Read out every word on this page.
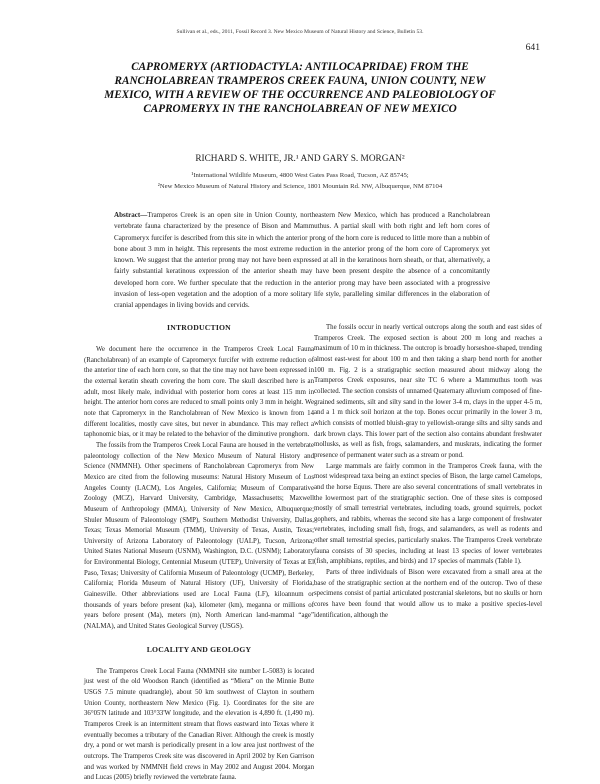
Sullivan et al., eds., 2011, Fossil Record 3. New Mexico Museum of Natural History and Science, Bulletin 53.
641
CAPROMERYX (ARTIODACTYLA: ANTILOCAPRIDAE) FROM THE RANCHOLABREAN TRAMPEROS CREEK FAUNA, UNION COUNTY, NEW MEXICO, WITH A REVIEW OF THE OCCURRENCE AND PALEOBIOLOGY OF CAPROMERYX IN THE RANCHOLABREAN OF NEW MEXICO
RICHARD S. WHITE, JR.¹ AND GARY S. MORGAN²
¹International Wildlife Museum, 4800 West Gates Pass Road, Tucson, AZ 85745;
²New Mexico Museum of Natural History and Science, 1801 Mountain Rd. NW, Albuquerque, NM 87104
Abstract—Tramperos Creek is an open site in Union County, northeastern New Mexico, which has produced a Rancholabrean vertebrate fauna characterized by the presence of Bison and Mammuthus. A partial skull with both right and left horn cores of Capromeryx furcifer is described from this site in which the anterior prong of the horn core is reduced to little more than a nubbin of bone about 3 mm in height. This represents the most extreme reduction in the anterior prong of the horn core of Capromeryx yet known. We suggest that the anterior prong may not have been expressed at all in the keratinous horn sheath, or that, alternatively, a fairly substantial keratinous expression of the anterior sheath may have been present despite the absence of a concomitantly developed horn core. We further speculate that the reduction in the anterior prong may have been associated with a progressive invasion of less-open vegetation and the adoption of a more solitary life style, paralleling similar differences in the elaboration of cranial appendages in living bovids and cervids.
INTRODUCTION

We document here the occurrence in the Tramperos Creek Local Fauna (Rancholabrean) of an example of Capromeryx furcifer with extreme reduction of the anterior tine of each horn core, so that the tine may not have been expressed in the external keratin sheath covering the horn core. The skull described here is an adult, most likely male, individual with posterior horn cores at least 115 mm in height. The anterior horn cores are reduced to small points only 3 mm in height. We note that Capromeryx in the Rancholabrean of New Mexico is known from 14 different localities, mostly cave sites, but never in abundance. This may reflect a taphonomic bias, or it may be related to the behavior of the diminutive pronghorn.

The fossils from the Tramperos Creek Local Fauna are housed in the vertebrate paleontology collection of the New Mexico Museum of Natural History and Science (NMMNH). Other specimens of Rancholabrean Capromeryx from New Mexico are cited from the following museums: Natural History Museum of Los Angeles County (LACM), Los Angeles, California; Museum of Comparative Zoology (MCZ), Harvard University, Cambridge, Massachusetts; Maxwell Museum of Anthropology (MMA), University of New Mexico, Albuquerque; Shuler Museum of Paleontology (SMP), Southern Methodist University, Dallas, Texas; Texas Memorial Museum (TMM), University of Texas, Austin, Texas; University of Arizona Laboratory of Paleontology (UALP), Tucson, Arizona; United States National Museum (USNM), Washington, D.C. (USNM); Laboratory for Environmental Biology, Centennial Museum (UTEP), University of Texas at El Paso, Texas; University of California Museum of Paleontology (UCMP), Berkeley, California; Florida Museum of Natural History (UF), University of Florida, Gainesville. Other abbreviations used are Local Fauna (LF), kiloannum or thousands of years before present (ka), kilometer (km), meganna or millions of years before present (Ma), meters (m), North American land-mammal “age” (NALMA), and United States Geological Survey (USGS).

LOCALITY AND GEOLOGY

The Tramperos Creek Local Fauna (NMMNH site number L-5083) is located just west of the old Woodson Ranch (identified as “Miera” on the Minnie Butte USGS 7.5 minute quadrangle), about 50 km southwest of Clayton in southern Union County, northeastern New Mexico (Fig. 1). Coordinates for the site are 36°05'N latitude and 103°33'W longitude, and the elevation is 4,890 ft. (1,490 m). Tramperos Creek is an intermittent stream that flows eastward into Texas where it eventually becomes a tributary of the Canadian River. Although the creek is mostly dry, a pond or wet marsh is periodically present in a low area just northwest of the outcrops. The Tramperos Creek site was discovered in April 2002 by Ken Garrison and was worked by NMMNH field crews in May 2002 and August 2004. Morgan and Lucas (2005) briefly reviewed the vertebrate fauna.

The fossils occur in nearly vertical outcrops along the south and east sides of Tramperos Creek. The exposed section is about 200 m long and reaches a maximum of 10 m in thickness. The outcrop is broadly horseshoe-shaped, trending almost east-west for about 100 m and then taking a sharp bend north for another 100 m. Fig. 2 is a stratigraphic section measured about midway along the Tramperos Creek exposures, near site TC 6 where a Mammuthus tooth was collected. The section consists of unnamed Quaternary alluvium composed of fine-grained sediments, silt and silty sand in the lower 3-4 m, clays in the upper 4-5 m, and a 1 m thick soil horizon at the top. Bones occur primarily in the lower 3 m, which consists of mottled bluish-gray to yellowish-orange silts and silty sands and dark brown clays. This lower part of the section also contains abundant freshwater mollusks, as well as fish, frogs, salamanders, and muskrats, indicating the former presence of permanent water such as a stream or pond.

Large mammals are fairly common in the Tramperos Creek fauna, with the most widespread taxa being an extinct species of Bison, the large camel Camelops, and the horse Equus. There are also several concentrations of small vertebrates in the lowermost part of the stratigraphic section. One of these sites is composed mostly of small terrestrial vertebrates, including toads, ground squirrels, pocket gophers, and rabbits, whereas the second site has a large component of freshwater vertebrates, including small fish, frogs, and salamanders, as well as rodents and other small terrestrial species, particularly snakes. The Tramperos Creek vertebrate fauna consists of 30 species, including at least 13 species of lower vertebrates (fish, amphibians, reptiles, and birds) and 17 species of mammals (Table 1).

Parts of three individuals of Bison were excavated from a small area at the base of the stratigraphic section at the northern end of the outcrop. Two of these specimens consist of partial articulated postcranial skeletons, but no skulls or horn cores have been found that would allow us to make a positive species-level identification, although the
